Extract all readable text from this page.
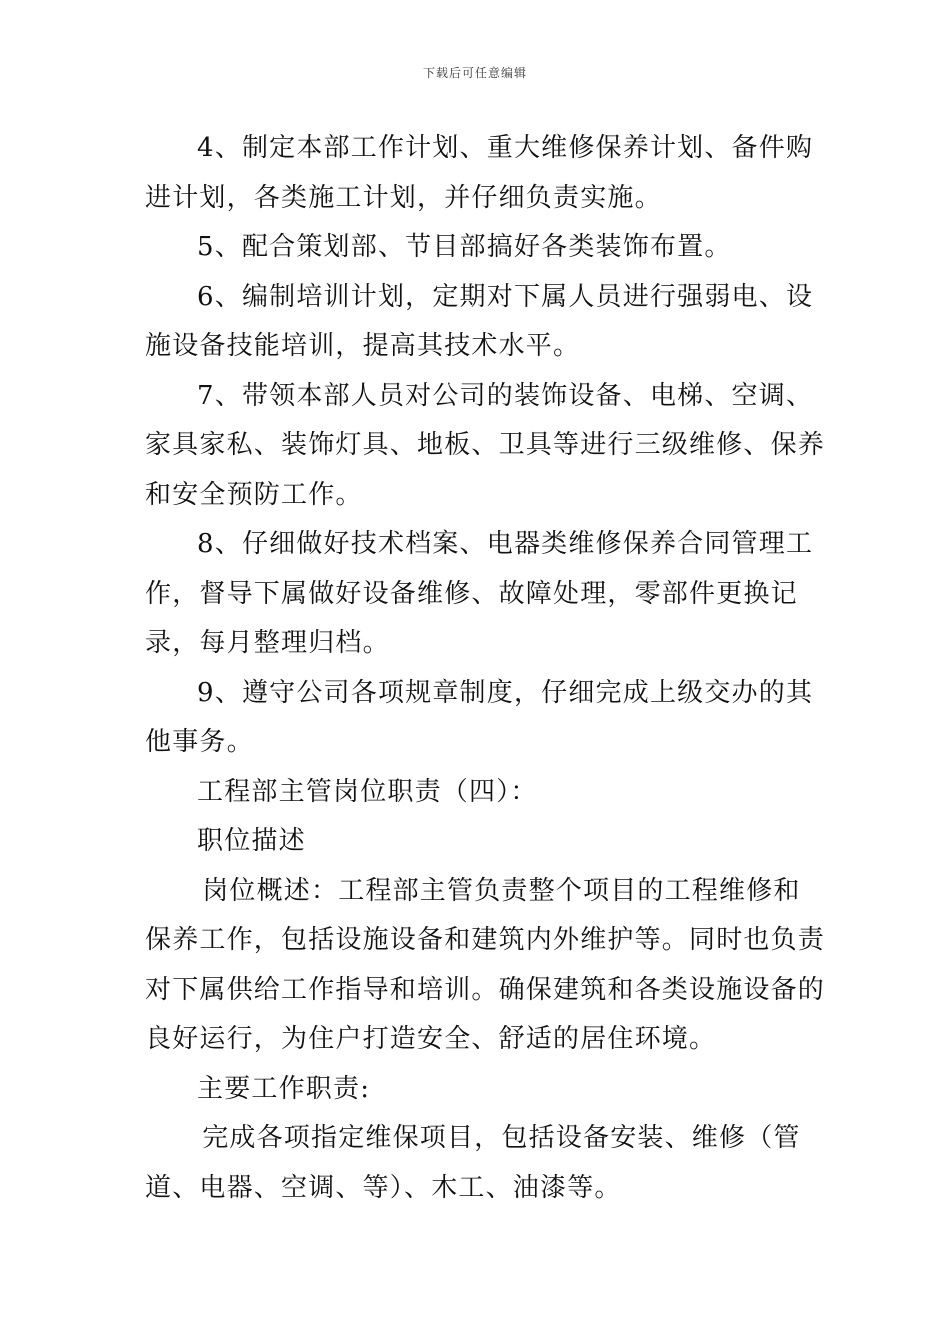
下载后可任意编辑

4、制定本部工作计划、重大维修保养计划、备件购进计划，各类施工计划，并仔细负责实施。

5、配合策划部、节目部搞好各类装饰布置。

6、编制培训计划，定期对下属人员进行强弱电、设施设备技能培训，提高其技术水平。

7、带领本部人员对公司的装饰设备、电梯、空调、家具家私、装饰灯具、地板、卫具等进行三级维修、保养和安全预防工作。

8、仔细做好技术档案、电器类维修保养合同管理工作，督导下属做好设备维修、故障处理，零部件更换记录，每月整理归档。

9、遵守公司各项规章制度，仔细完成上级交办的其他事务。

工程部主管岗位职责（四）：

职位描述

岗位概述：工程部主管负责整个项目的工程维修和保养工作，包括设施设备和建筑内外维护等。同时也负责对下属供给工作指导和培训。确保建筑和各类设施设备的良好运行，为住户打造安全、舒适的居住环境。

主要工作职责:

完成各项指定维保项目，包括设备安装、维修（管道、电器、空调、等）、木工、油漆等。
